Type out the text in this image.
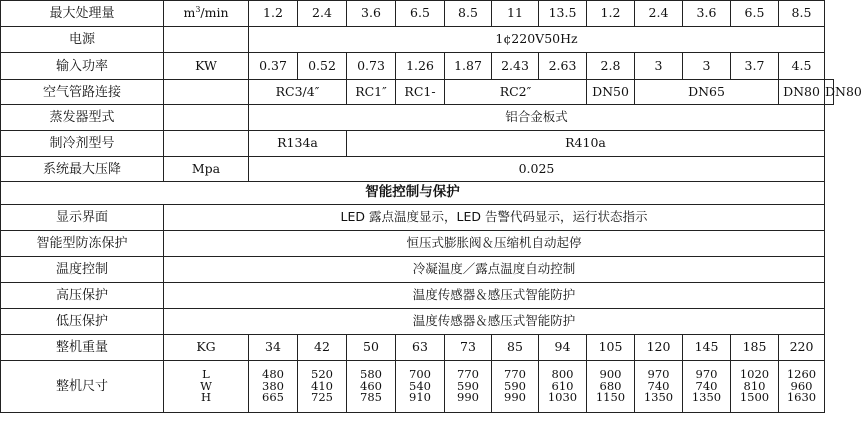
最大处理量	$m^3/\min$	1.2	2.4	3.6	6.5	8.5	11	13.5	1.2	2.4	3.6	6.5	8.5	
电源		1¢220V50Hz												
输入功率	KW	0.37	0.52	0.73	1.26	1.87	2.43	2.63	2.8	3	3	3.7	4.5	
空气管路连接		RC3/4″		RC1″	RC1-	RC2″			DN50	DN65			DN80	DN80
蒸发器型式		铝合金板式												
制冷剂型号		R134a		R410a										
系统最大压降	Mpa	0.025												
智能控制与保护														
显示界面	LED 露点温度显示，LED 告警代码显示，运行状态指示													
智能型防冻保护	恒压式膨胀阀＆压缩机自动起停													
温度控制	冷凝温度／露点温度自动控制													
高压保护	温度传感器＆感压式智能防护													
低压保护	温度传感器＆感压式智能防护													
整机重量	KG	34	42	50	63	73	85	94	105	120	145	185	220	
整机尺寸	L
W
H	480
380
665	520
410
725	580
460
785	700
540
910	770
590
990	770
590
990	800
610
1030	900
680
1150	970
740
1350	970
740
1350	1020
810
1500	1260
960
1630	
